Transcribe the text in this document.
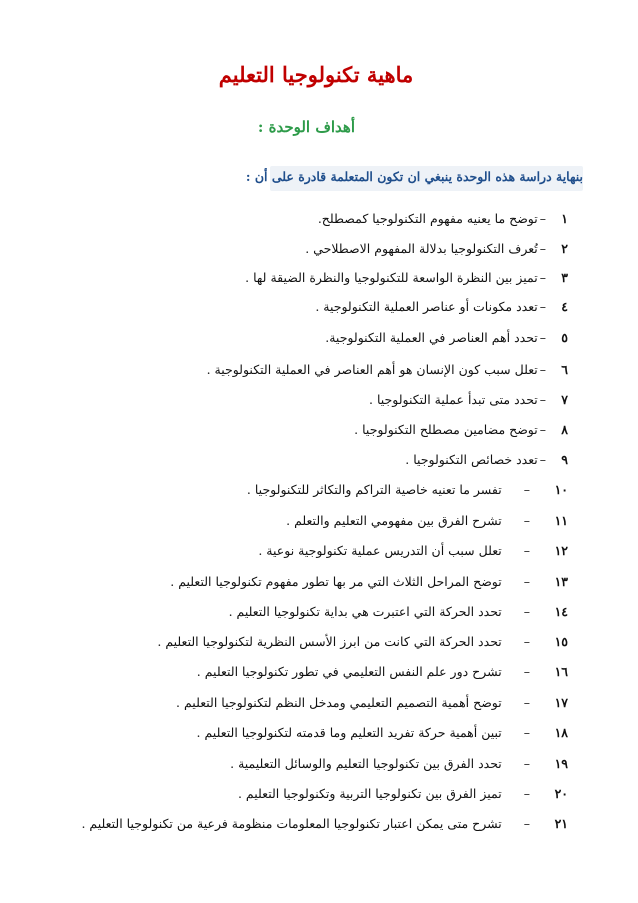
ماهية تكنولوجيا التعليم
أهداف الوحدة :
بنهاية دراسة هذه الوحدة ينبغي ان تكون المتعلمة قادرة على أن :
١
–
توضح ما يعنيه مفهوم التكنولوجيا كمصطلح.
٢
–
تُعرف التكنولوجيا بدلالة المفهوم الاصطلاحي .
٣
–
تميز بين النظرة الواسعة للتكنولوجيا والنظرة الضيقة لها .
٤
–
تعدد مكونات أو عناصر العملية التكنولوجية .
٥
–
تحدد أهم العناصر في العملية التكنولوجية.
٦
–
تعلل سبب كون الإنسان هو أهم العناصر في العملية التكنولوجية .
٧
–
تحدد متى تبدأ عملية التكنولوجيا .
٨
–
توضح مضامين مصطلح التكنولوجيا .
٩
–
تعدد خصائص التكنولوجيا .
١٠
–
تفسر ما تعنيه خاصية التراكم والتكاثر للتكنولوجيا .
١١
–
تشرح الفرق بين مفهومي التعليم والتعلم .
١٢
–
تعلل سبب أن التدريس عملية تكنولوجية نوعية .
١٣
–
توضح المراحل الثلاث التي مر بها تطور مفهوم تكنولوجيا التعليم .
١٤
–
تحدد الحركة التي اعتبرت هي بداية تكنولوجيا التعليم .
١٥
–
تحدد الحركة التي كانت من ابرز الأسس النظرية لتكنولوجيا التعليم .
١٦
–
تشرح دور علم النفس التعليمي في تطور تكنولوجيا التعليم .
١٧
–
توضح أهمية التصميم التعليمي ومدخل النظم لتكنولوجيا التعليم .
١٨
–
تبين أهمية حركة تفريد التعليم وما قدمته لتكنولوجيا التعليم .
١٩
–
تحدد الفرق بين تكنولوجيا التعليم والوسائل التعليمية .
٢٠
–
تميز الفرق بين تكنولوجيا التربية وتكنولوجيا التعليم .
٢١
–
تشرح متى يمكن اعتبار تكنولوجيا المعلومات منظومة فرعية من تكنولوجيا التعليم .
